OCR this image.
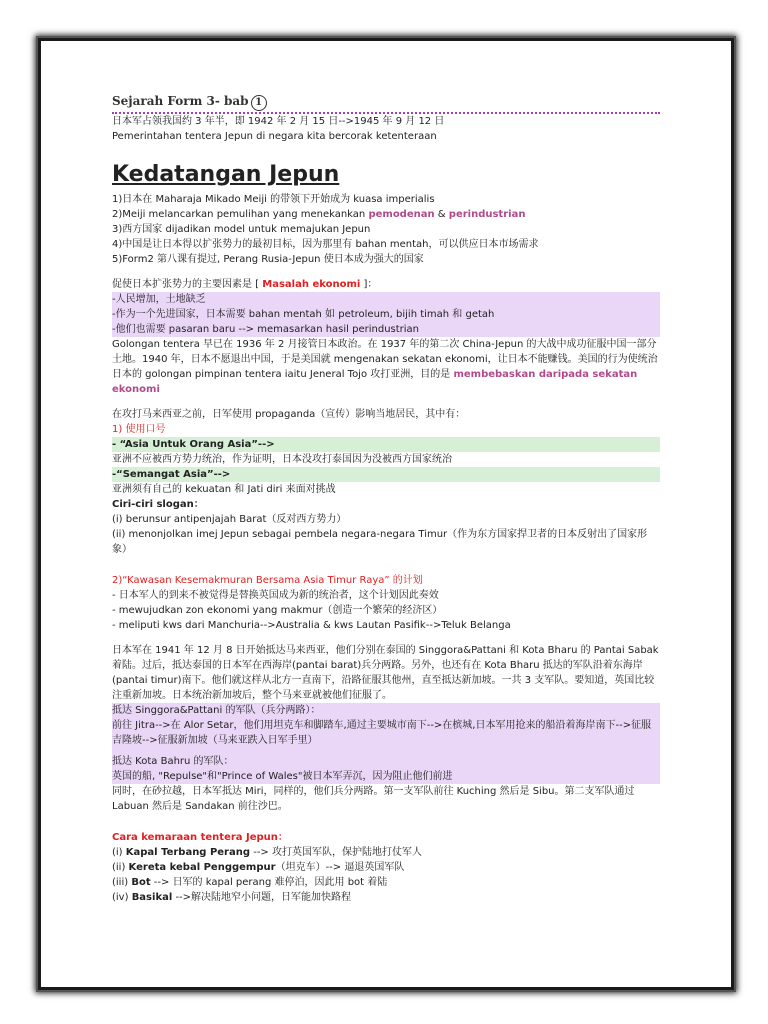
Sejarah Form 3- bab 1

日本军占领我国约 3 年半，即 1942 年 2 月 15 日-->1945 年 9 月 12 日

Pemerintahan tentera Jepun di negara kita bercorak ketenteraan

Kedatangan Jepun

1)日本在 Maharaja Mikado Meiji 的带领下开始成为 kuasa imperialis

2)Meiji melancarkan pemulihan yang menekankan pemodenan & perindustrian

3)西方国家 dijadikan model untuk memajukan Jepun

4)中国是让日本得以扩张势力的最初目标，因为那里有 bahan mentah，可以供应日本市场需求

5)Form2 第八课有提过, Perang Rusia-Jepun 使日本成为强大的国家

促使日本扩张势力的主要因素是 [ Masalah ekonomi ]：

-人民增加，土地缺乏

-作为一个先进国家，日本需要 bahan mentah 如 petroleum, bijih timah 和 getah

-他们也需要 pasaran baru --> memasarkan hasil perindustrian

Golongan tentera 早已在 1936 年 2 月接管日本政治。在 1937 年的第二次 China-Jepun 的大战中成功征服中国一部分土地。1940 年，日本不愿退出中国，于是美国就 mengenakan sekatan ekonomi，让日本不能赚钱。美国的行为使统治日本的 golongan pimpinan tentera iaitu Jeneral Tojo 攻打亚洲，目的是 membebaskan daripada sekatan ekonomi

在攻打马来西亚之前，日军使用 propaganda（宣传）影响当地居民，其中有：

1) 使用口号

- “Asia Untuk Orang Asia”-->

亚洲不应被西方势力统治，作为证明，日本没攻打泰国因为没被西方国家统治

-“Semangat Asia”-->

亚洲须有自己的 kekuatan 和 Jati diri 来面对挑战

Ciri-ciri slogan：

(i) berunsur antipenjajah Barat（反对西方势力）

(ii) menonjolkan imej Jepun sebagai pembela negara-negara Timur（作为东方国家捍卫者的日本反射出了国家形象）

2)“Kawasan Kesemakmuran Bersama Asia Timur Raya” 的计划

- 日本军人的到来不被觉得是替换英国成为新的统治者，这个计划因此奏效

- mewujudkan zon ekonomi yang makmur（创造一个繁荣的经济区）

- meliputi kws dari Manchuria-->Australia & kws Lautan Pasifik-->Teluk Belanga

日本军在 1941 年 12 月 8 日开始抵达马来西亚，他们分别在泰国的 Singgora&Pattani 和 Kota Bharu 的 Pantai Sabak 着陆。过后，抵达泰国的日本军在西海岸(pantai barat)兵分两路。另外，也还有在 Kota Bharu 抵达的军队沿着东海岸(pantai timur)南下。他们就这样从北方一直南下，沿路征服其他州，直至抵达新加坡。一共 3 支军队。要知道，英国比较注重新加坡。日本统治新加坡后，整个马来亚就被他们征服了。

抵达 Singgora&Pattani 的军队（兵分两路）：

前往 Jitra-->在 Alor Setar，他们用坦克车和脚踏车,通过主要城市南下-->在槟城,日本军用抢来的船沿着海岸南下-->征服吉隆坡-->征服新加坡（马来亚跌入日军手里）

抵达 Kota Bahru 的军队：

英国的船, "Repulse"和"Prince of Wales"被日本军弄沉，因为阻止他们前进

同时，在砂拉越，日本军抵达 Miri，同样的，他们兵分两路。第一支军队前往 Kuching 然后是 Sibu。第二支军队通过 Labuan 然后是 Sandakan 前往沙巴。

Cara kemaraan tentera Jepun：

(i) Kapal Terbang Perang --> 攻打英国军队，保护陆地打仗军人

(ii) Kereta kebal Penggempur（坦克车）--> 逼退英国军队

(iii) Bot --> 日军的 kapal perang 难停泊，因此用 bot 着陆

(iv) Basikal -->解决陆地窄小问题，日军能加快路程
